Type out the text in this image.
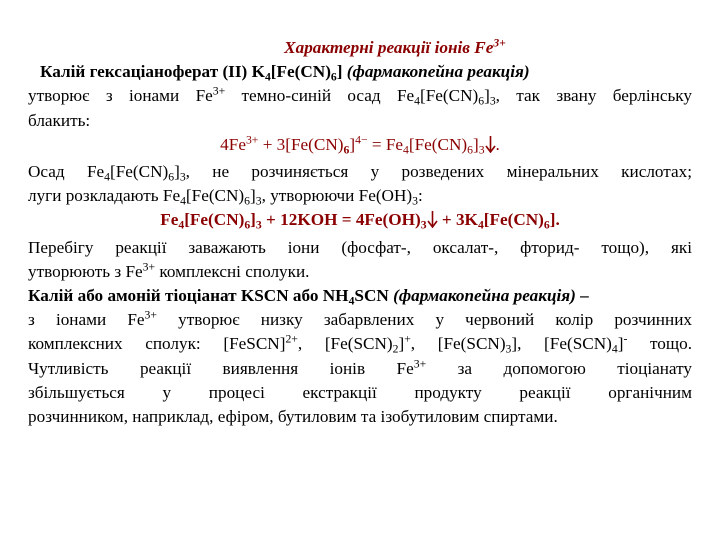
Характерні реакції іонів $Fe^{3+}$
Калій гексаціаноферат (ІІ) $K_4[Fe(CN)_6]$ (фармакопейна реакція)
утворює з іонами $Fe^{3+}$ темно-синій осад $Fe_4[Fe(CN)_6]_3$, так звану берлінську
блакить:
$4Fe^{3+} + 3[Fe(CN)_6]^{4-} = Fe_4[Fe(CN)_6]_3$ .
Осад $Fe_4[Fe(CN)_6]_3$, не розчиняється у розведених мінеральних кислотах;
луги розкладають $Fe_4[Fe(CN)_6]_3$, утворюючи $Fe(OH)_3$:
$Fe_4[Fe(CN)_6]_3 + 12KOH = 4Fe(OH)_3 + 3K_4[Fe(CN)_6]$.
Перебігу реакції заважають іони (фосфат-, оксалат-, фторид- тощо), які
утворюють з $Fe^{3+}$ комплексні сполуки.
Калій або амоній тіоціанат KSCN або $NH_4SCN$ (фармакопейна реакція) –
з іонами $Fe^{3+}$ утворює низку забарвлених у червоний колір розчинних
комплексних сполук: [FeSCN]$^{2+}$, $[Fe(SCN)_2]^+$, $[Fe(SCN)_3]$, $[Fe(SCN)_4]^-$ тощо.
Чутливість реакції виявлення іонів $Fe^{3+}$ за допомогою тіоціанату
збільшується у процесі екстракції продукту реакції органічним
розчинником, наприклад, ефіром, бутиловим та ізобутиловим спиртами.
